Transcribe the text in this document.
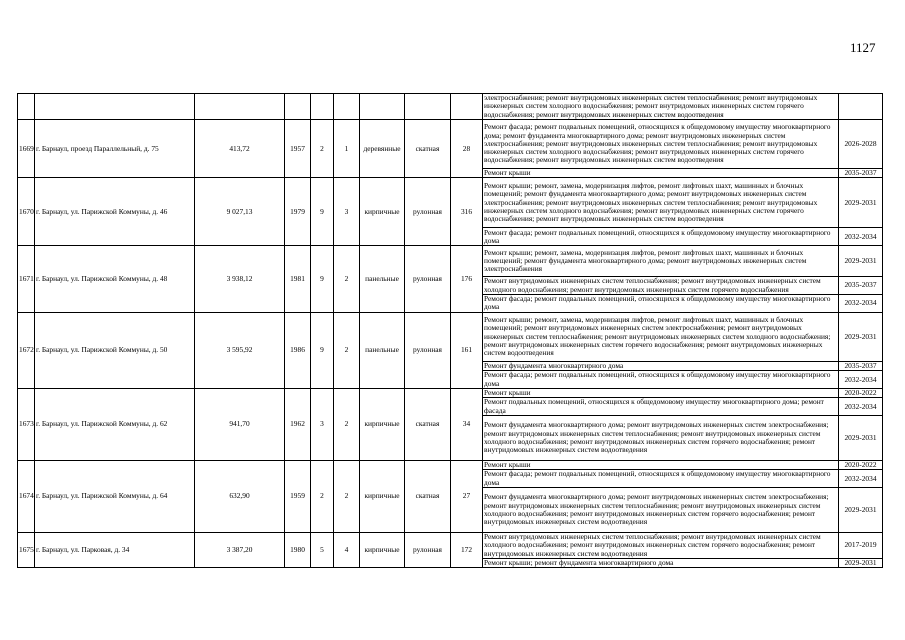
1127
									электроснабжения; ремонт внутридомовых инженерных систем теплоснабжения; ремонт внутридомовых инженерных систем холодного водоснабжения; ремонт внутридомовых инженерных систем горячего водоснабжения; ремонт внутридомовых инженерных систем водоотведения	
1669	г. Барнаул, проезд Параллельный, д. 75	413,72	1957	2	1	деревянные	скатная	28	Ремонт фасада; ремонт подвальных помещений, относящихся к общедомовому имуществу многоквартирного дома; ремонт фундамента многоквартирного дома; ремонт внутридомовых инженерных систем электроснабжения; ремонт внутридомовых инженерных систем теплоснабжения; ремонт внутридомовых инженерных систем холодного водоснабжения; ремонт внутридомовых инженерных систем горячего водоснабжения; ремонт внутридомовых инженерных систем водоотведения	2026-2028
									Ремонт крыши	2035-2037
1670	г. Барнаул, ул. Парижской Коммуны, д. 46	9 027,13	1979	9	3	кирпичные	рулонная	316	Ремонт крыши; ремонт, замена, модернизация лифтов, ремонт лифтовых шахт, машинных и блочных помещений; ремонт фундамента многоквартирного дома; ремонт внутридомовых инженерных систем электроснабжения; ремонт внутридомовых инженерных систем теплоснабжения; ремонт внутридомовых инженерных систем холодного водоснабжения; ремонт внутридомовых инженерных систем горячего водоснабжения; ремонт внутридомовых инженерных систем водоотведения	2029-2031
									Ремонт фасада; ремонт подвальных помещений, относящихся к общедомовому имуществу многоквартирного дома	2032-2034
1671	г. Барнаул, ул. Парижской Коммуны, д. 48	3 938,12	1981	9	2	панельные	рулонная	176	Ремонт крыши; ремонт, замена, модернизация лифтов, ремонт лифтовых шахт, машинных и блочных помещений; ремонт фундамента многоквартирного дома; ремонт внутридомовых инженерных систем электроснабжения	2029-2031
									Ремонт внутридомовых инженерных систем теплоснабжения; ремонт внутридомовых инженерных систем холодного водоснабжения; ремонт внутридомовых инженерных систем горячего водоснабжения	2035-2037
									Ремонт фасада; ремонт подвальных помещений, относящихся к общедомовому имуществу многоквартирного дома	2032-2034
1672	г. Барнаул, ул. Парижской Коммуны, д. 50	3 595,92	1986	9	2	панельные	рулонная	161	Ремонт крыши; ремонт, замена, модернизация лифтов, ремонт лифтовых шахт, машинных и блочных помещений; ремонт внутридомовых инженерных систем электроснабжения; ремонт внутридомовых инженерных систем теплоснабжения; ремонт внутридомовых инженерных систем холодного водоснабжения; ремонт внутридомовых инженерных систем горячего водоснабжения; ремонт внутридомовых инженерных систем водоотведения	2029-2031
									Ремонт фундамента многоквартирного дома	2035-2037
									Ремонт фасада; ремонт подвальных помещений, относящихся к общедомовому имуществу многоквартирного дома	2032-2034
1673	г. Барнаул, ул. Парижской Коммуны, д. 62	941,70	1962	3	2	кирпичные	скатная	34	Ремонт крыши	2020-2022
									Ремонт подвальных помещений, относящихся к общедомовому имуществу многоквартирного дома; ремонт фасада	2032-2034
									Ремонт фундамента многоквартирного дома; ремонт внутридомовых инженерных систем электроснабжения; ремонт внутридомовых инженерных систем теплоснабжения; ремонт внутридомовых инженерных систем холодного водоснабжения; ремонт внутридомовых инженерных систем горячего водоснабжения; ремонт внутридомовых инженерных систем водоотведения	2029-2031
1674	г. Барнаул, ул. Парижской Коммуны, д. 64	632,90	1959	2	2	кирпичные	скатная	27	Ремонт крыши	2020-2022
									Ремонт фасада; ремонт подвальных помещений, относящихся к общедомовому имуществу многоквартирного дома	2032-2034
									Ремонт фундамента многоквартирного дома; ремонт внутридомовых инженерных систем электроснабжения; ремонт внутридомовых инженерных систем теплоснабжения; ремонт внутридомовых инженерных систем холодного водоснабжения; ремонт внутридомовых инженерных систем горячего водоснабжения; ремонт внутридомовых инженерных систем водоотведения	2029-2031
1675	г. Барнаул, ул. Парковая, д. 34	3 387,20	1980	5	4	кирпичные	рулонная	172	Ремонт внутридомовых инженерных систем теплоснабжения; ремонт внутридомовых инженерных систем холодного водоснабжения; ремонт внутридомовых инженерных систем горячего водоснабжения; ремонт внутридомовых инженерных систем водоотведения	2017-2019
									Ремонт крыши; ремонт фундамента многоквартирного дома	2029-2031
